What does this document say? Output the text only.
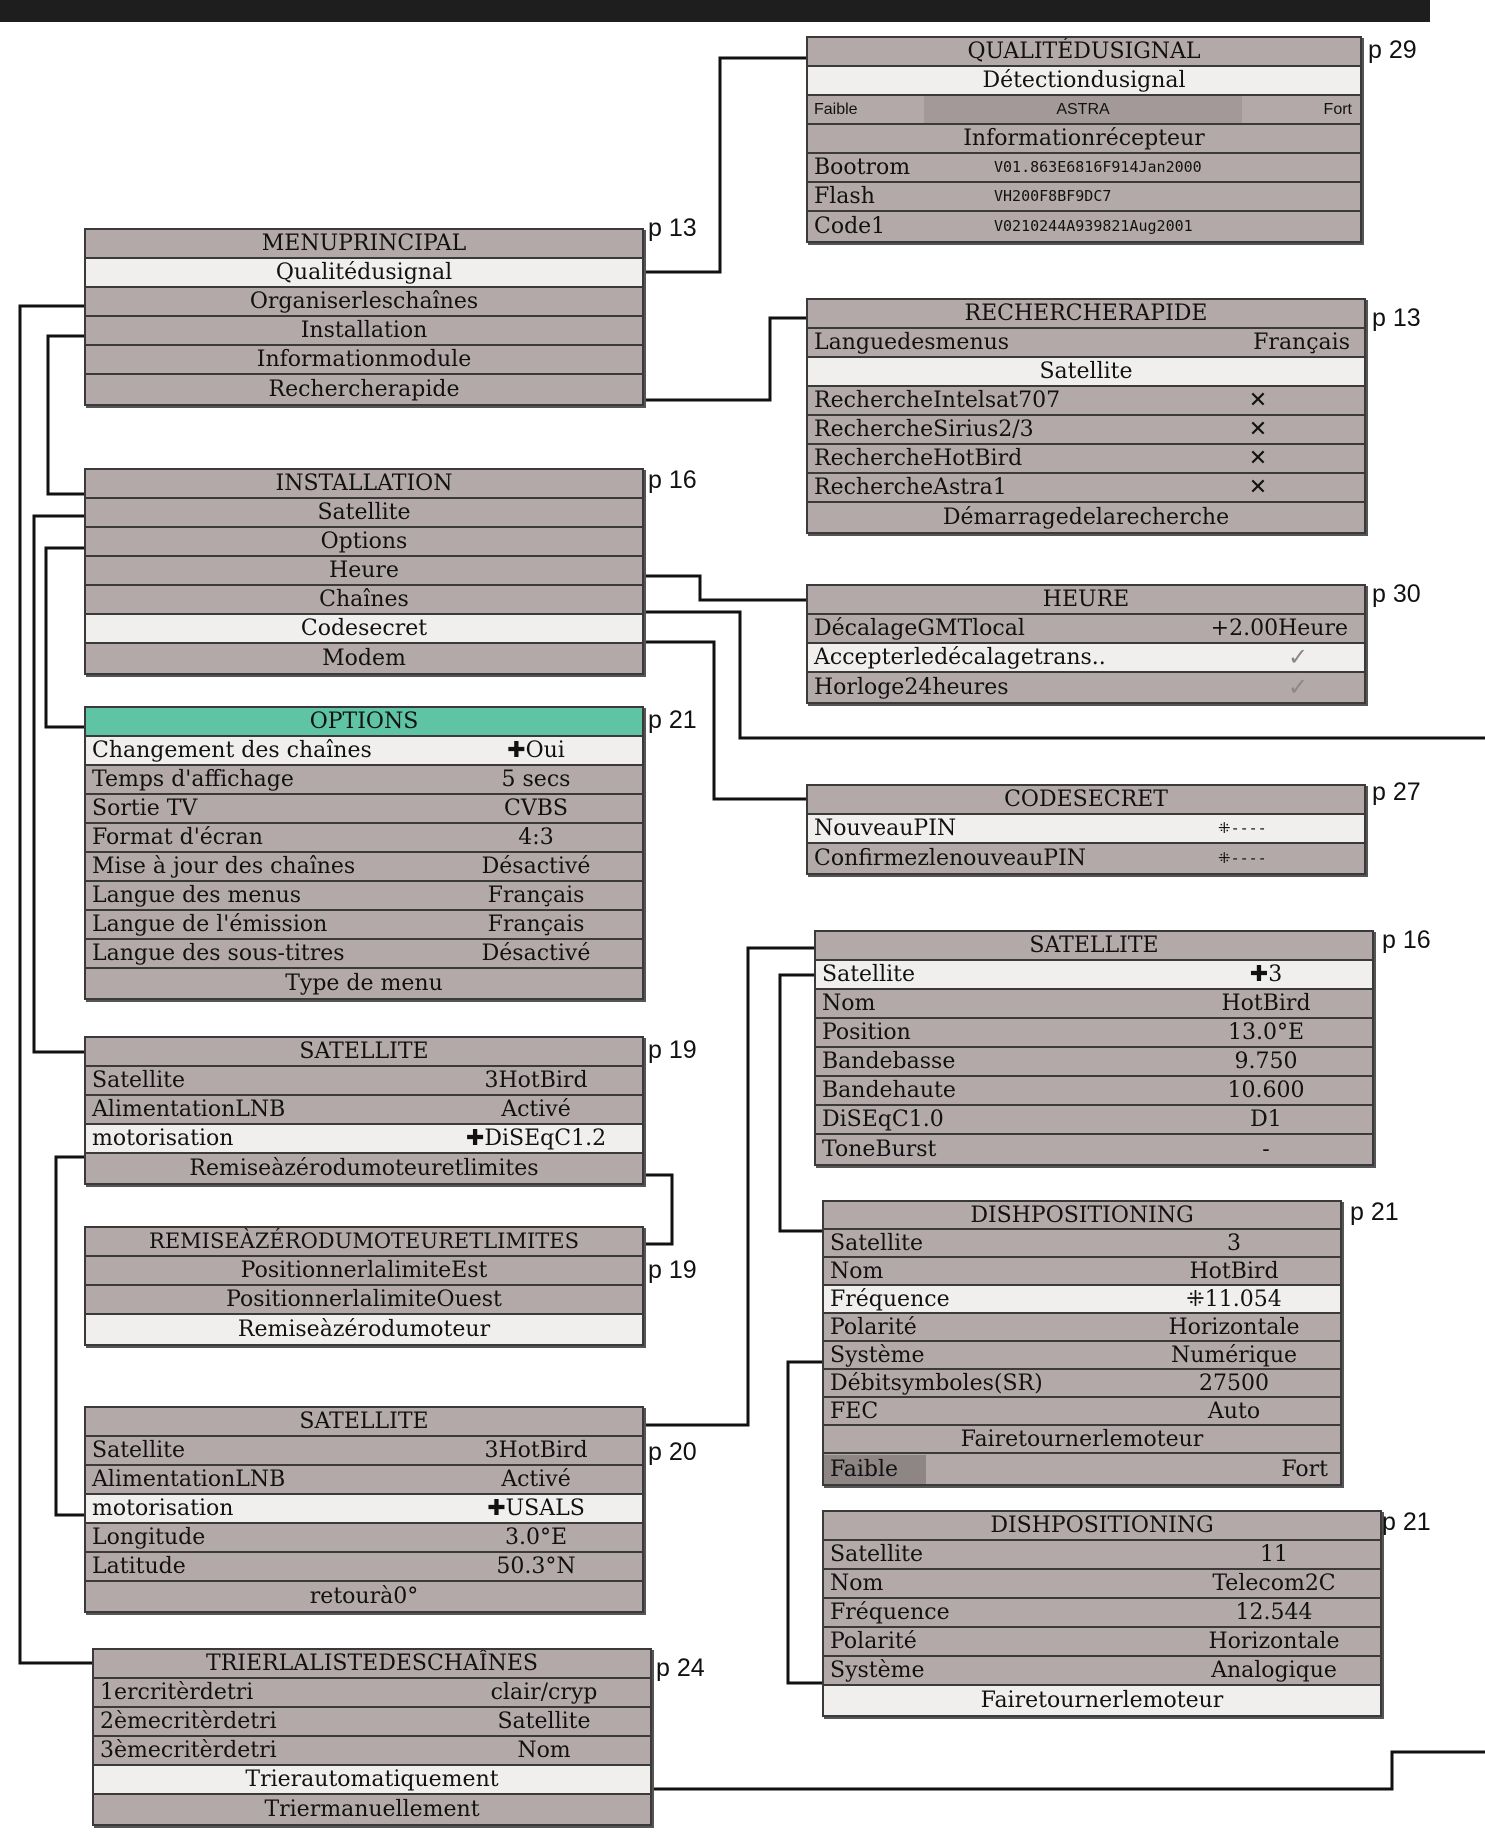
QUALITÉDUSIGNAL
Détectiondusignal
Faible	ASTRA	Fort
Informationrécepteur
Bootrom	V01.863E6816F914Jan2000
Flash	VH200F8BF9DC7
Code1	V0210244A939821Aug2001
p 29
MENUPRINCIPAL
Qualitédusignal
Organiserleschaînes
Installation
Informationmodule
Rechercherapide
p 13
RECHERCHERAPIDE
Languedesmenus	Français
Satellite
RechercheIntelsat707	✕
RechercheSirius2/3	✕
RechercheHotBird	✕
RechercheAstra1	✕
Démarragedelarecherche
p 13
INSTALLATION
Satellite
Options
Heure
Chaînes
Codesecret
Modem
p 16
HEURE
DécalageGMTlocal	+2.00Heure
Accepterledécalagetrans..	✓
Horloge24heures	✓
p 30
OPTIONS
Changement des chaînes	✚Oui
Temps d'affichage	5 secs
Sortie TV	CVBS
Format d'écran	4:3
Mise à jour des chaînes	Désactivé
Langue des menus	Français
Langue de l'émission	Français
Langue des sous-titres	Désactivé
Type de menu
p 21
CODESECRET
NouveauPIN	⁜----
ConfirmezlenouveauPIN	⁜----
p 27
SATELLITE
Satellite	✚3
Nom	HotBird
Position	13.0°E
Bandebasse	9.750
Bandehaute	10.600
DiSEqC1.0	D1
ToneBurst	-
p 16
SATELLITE
Satellite	3HotBird
AlimentationLNB	Activé
motorisation	✚DiSEqC1.2
Remiseàzérodumoteuretlimites
p 19
DISHPOSITIONING
Satellite	3
Nom	HotBird
Fréquence	⁜11.054
Polarité	Horizontale
Système	Numérique
Débitsymboles(SR)	27500
FEC	Auto
Fairetournerlemoteur
Faible	Fort
p 21
REMISEÀZÉRODUMOTEURETLIMITES
PositionnerlalimiteEst
PositionnerlalimiteOuest
Remiseàzérodumoteur
p 19
SATELLITE
Satellite	3HotBird
AlimentationLNB	Activé
motorisation	✚USALS
Longitude	3.0°E
Latitude	50.3°N
retourà0°
p 20
DISHPOSITIONING
Satellite	11
Nom	Telecom2C
Fréquence	12.544
Polarité	Horizontale
Système	Analogique
Fairetournerlemoteur
p 21
TRIERLALISTEDESCHAÎNES
1ercritèrdetri	clair/cryp
2èmecritèrdetri	Satellite
3èmecritèrdetri	Nom
Trierautomatiquement
Triermanuellement
p 24
